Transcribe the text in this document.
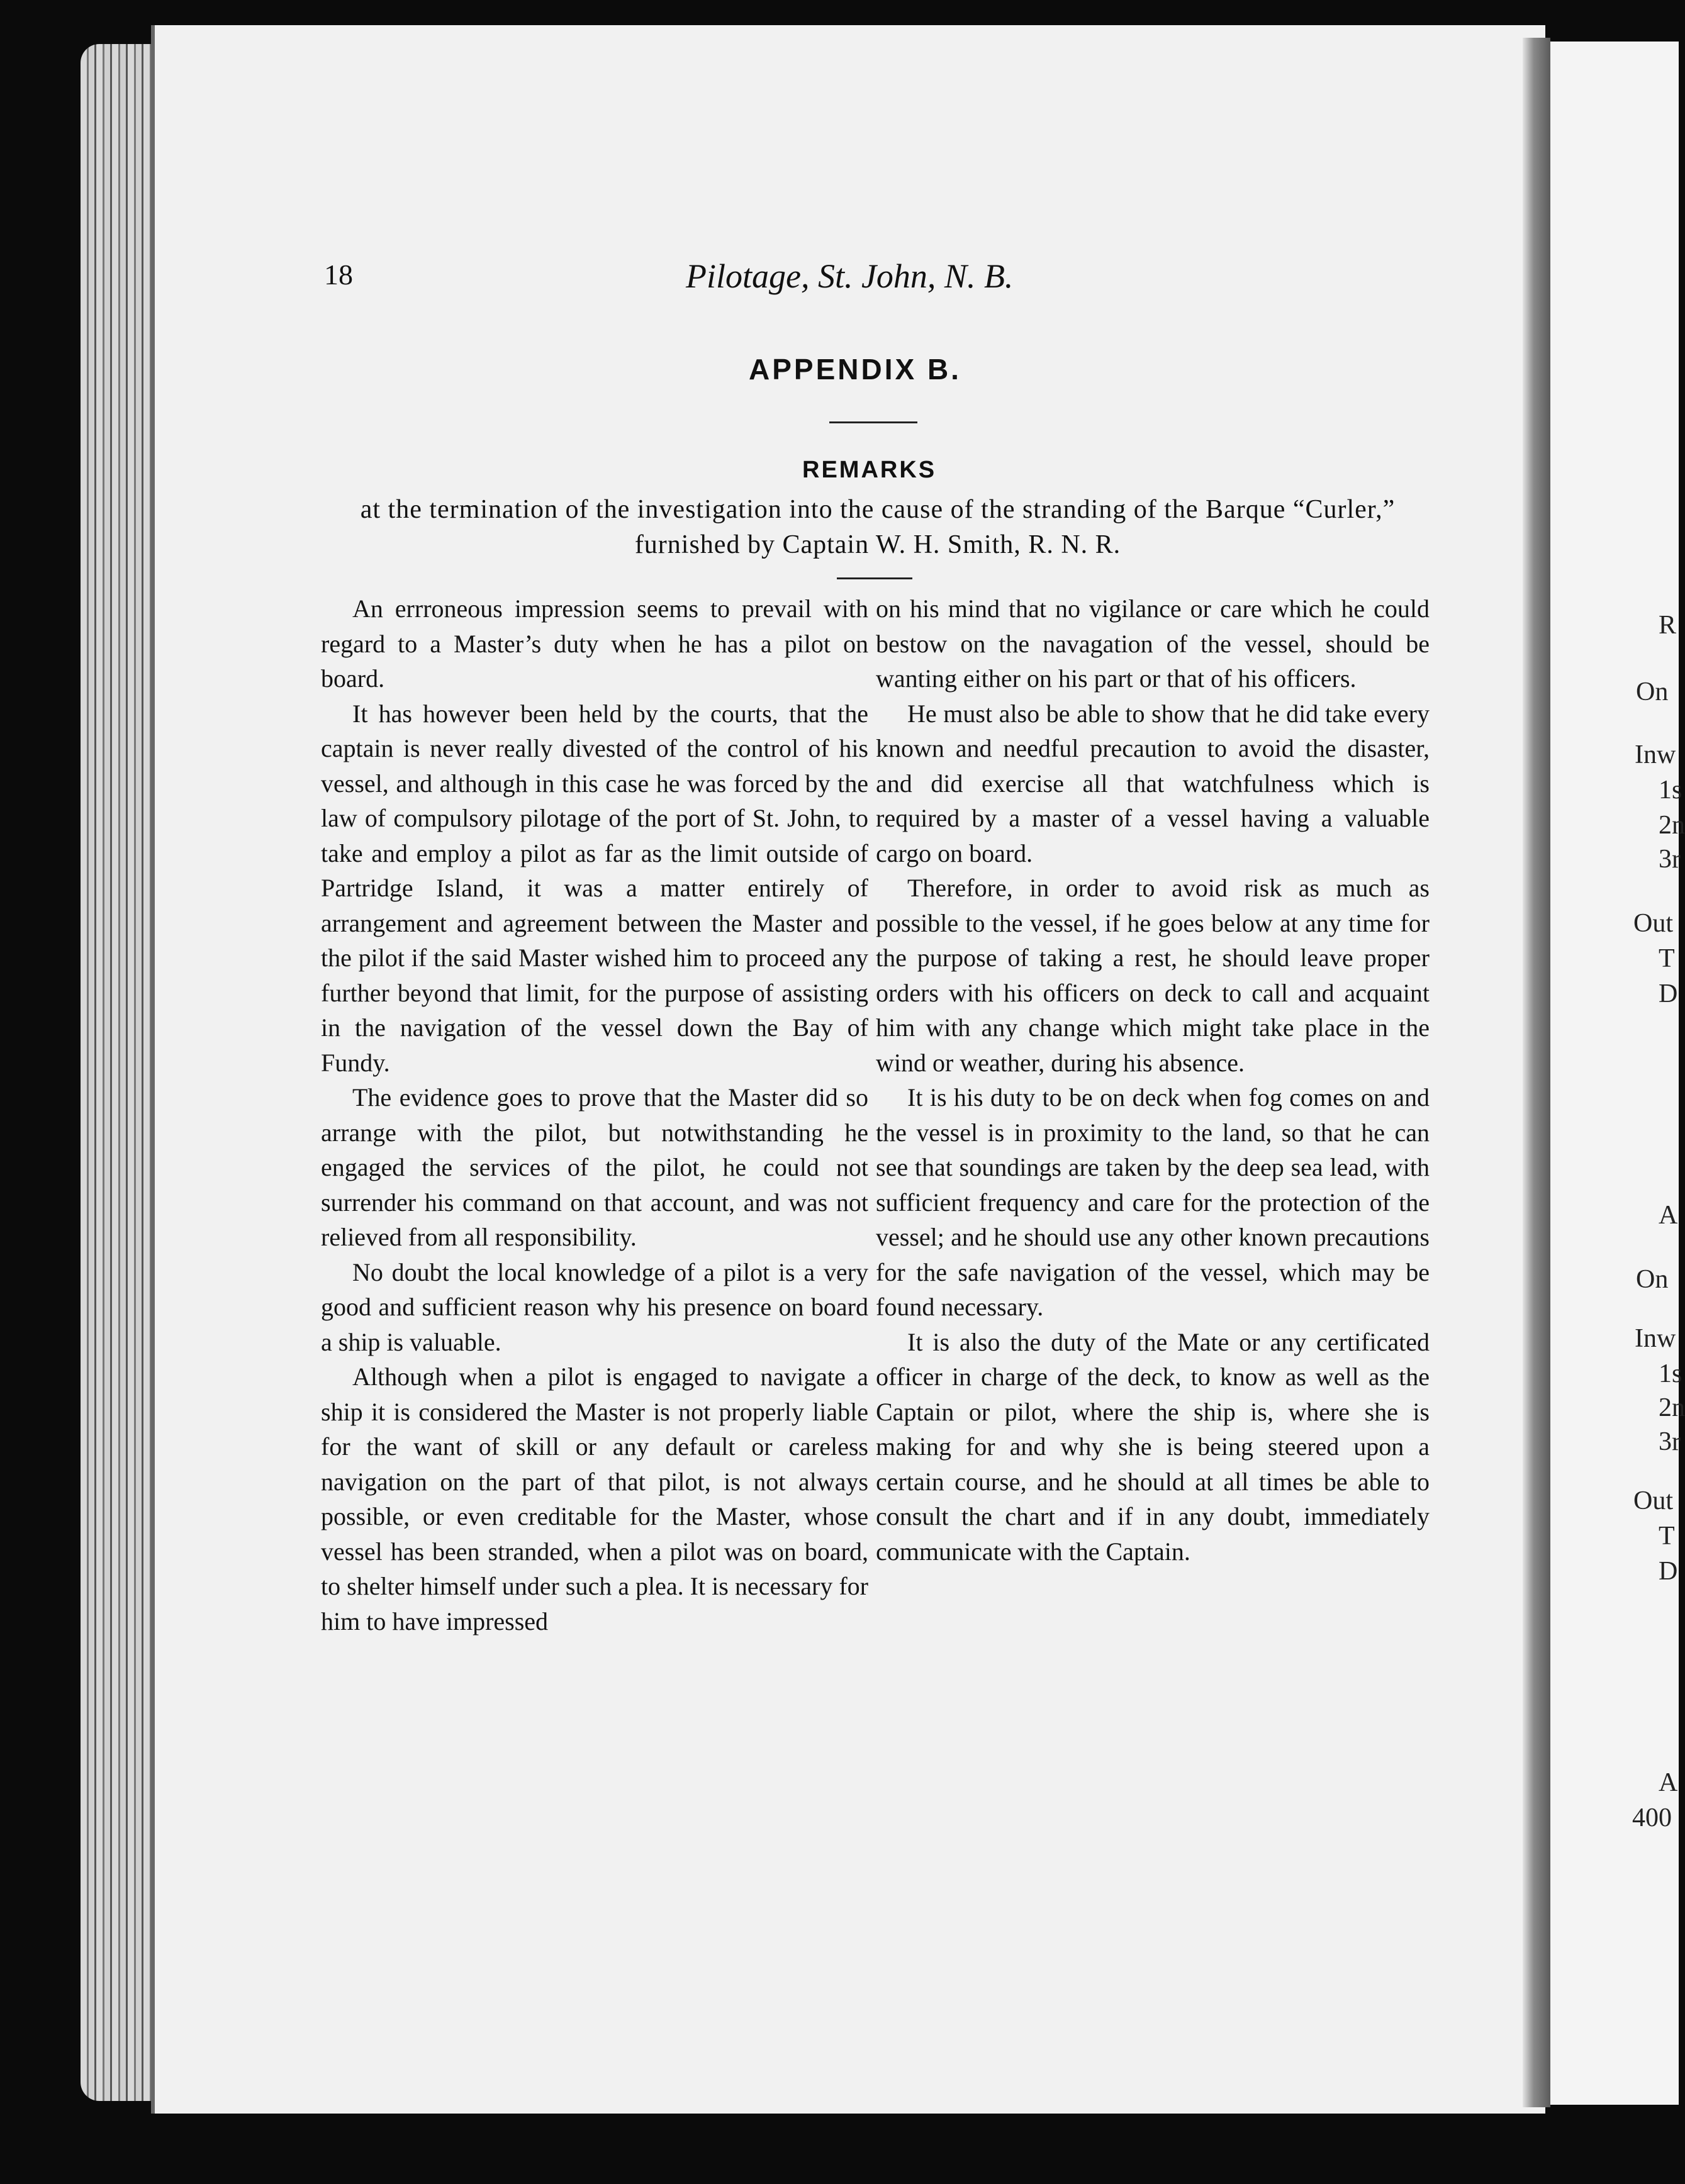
R
On
Inw
1s
2n
3r
Out
T
D
A
On
Inw
1s
2n
3r
Out
T
D
A
400
18	Pilotage, St. John, N. B.
APPENDIX B.
REMARKS
at the termination of the investigation into the cause of the stranding of the Barque “Curler,” furnished by Captain W. H. Smith, R. N. R.

An errroneous impression seems to prevail with regard to a Master’s duty when he has a pilot on board.

It has however been held by the courts, that the captain is never really divested of the control of his vessel, and although in this case he was forced by the law of compulsory pilotage of the port of St. John, to take and employ a pilot as far as the limit outside of Partridge Island, it was a matter entirely of arrangement and agreement between the Master and the pilot if the said Master wished him to proceed any further beyond that limit, for the purpose of assisting in the navigation of the vessel down the Bay of Fundy.

The evidence goes to prove that the Master did so arrange with the pilot, but notwithstanding he engaged the services of the pilot, he could not surrender his command on that account, and was not relieved from all responsibility.

No doubt the local knowledge of a pilot is a very good and sufficient reason why his presence on board a ship is valuable.

Although when a pilot is engaged to navigate a ship it is considered the Master is not properly liable for the want of skill or any default or careless navigation on the part of that pilot, is not always possible, or even creditable for the Master, whose vessel has been stranded, when a pilot was on board, to shelter himself under such a plea. It is necessary for him to have impressed

on his mind that no vigilance or care which he could bestow on the navagation of the vessel, should be wanting either on his part or that of his officers.

He must also be able to show that he did take every known and needful precaution to avoid the disaster, and did exercise all that watchfulness which is required by a master of a vessel having a valuable cargo on board.

Therefore, in order to avoid risk as much as possible to the vessel, if he goes below at any time for the purpose of taking a rest, he should leave proper orders with his officers on deck to call and acquaint him with any change which might take place in the wind or weather, during his absence.

It is his duty to be on deck when fog comes on and the vessel is in proximity to the land, so that he can see that soundings are taken by the deep sea lead, with sufficient frequency and care for the protection of the vessel; and he should use any other known precautions for the safe navigation of the vessel, which may be found necessary.

It is also the duty of the Mate or any certificated officer in charge of the deck, to know as well as the Captain or pilot, where the ship is, where she is making for and why she is being steered upon a certain course, and he should at all times be able to consult the chart and if in any doubt, immediately communicate with the Captain.
